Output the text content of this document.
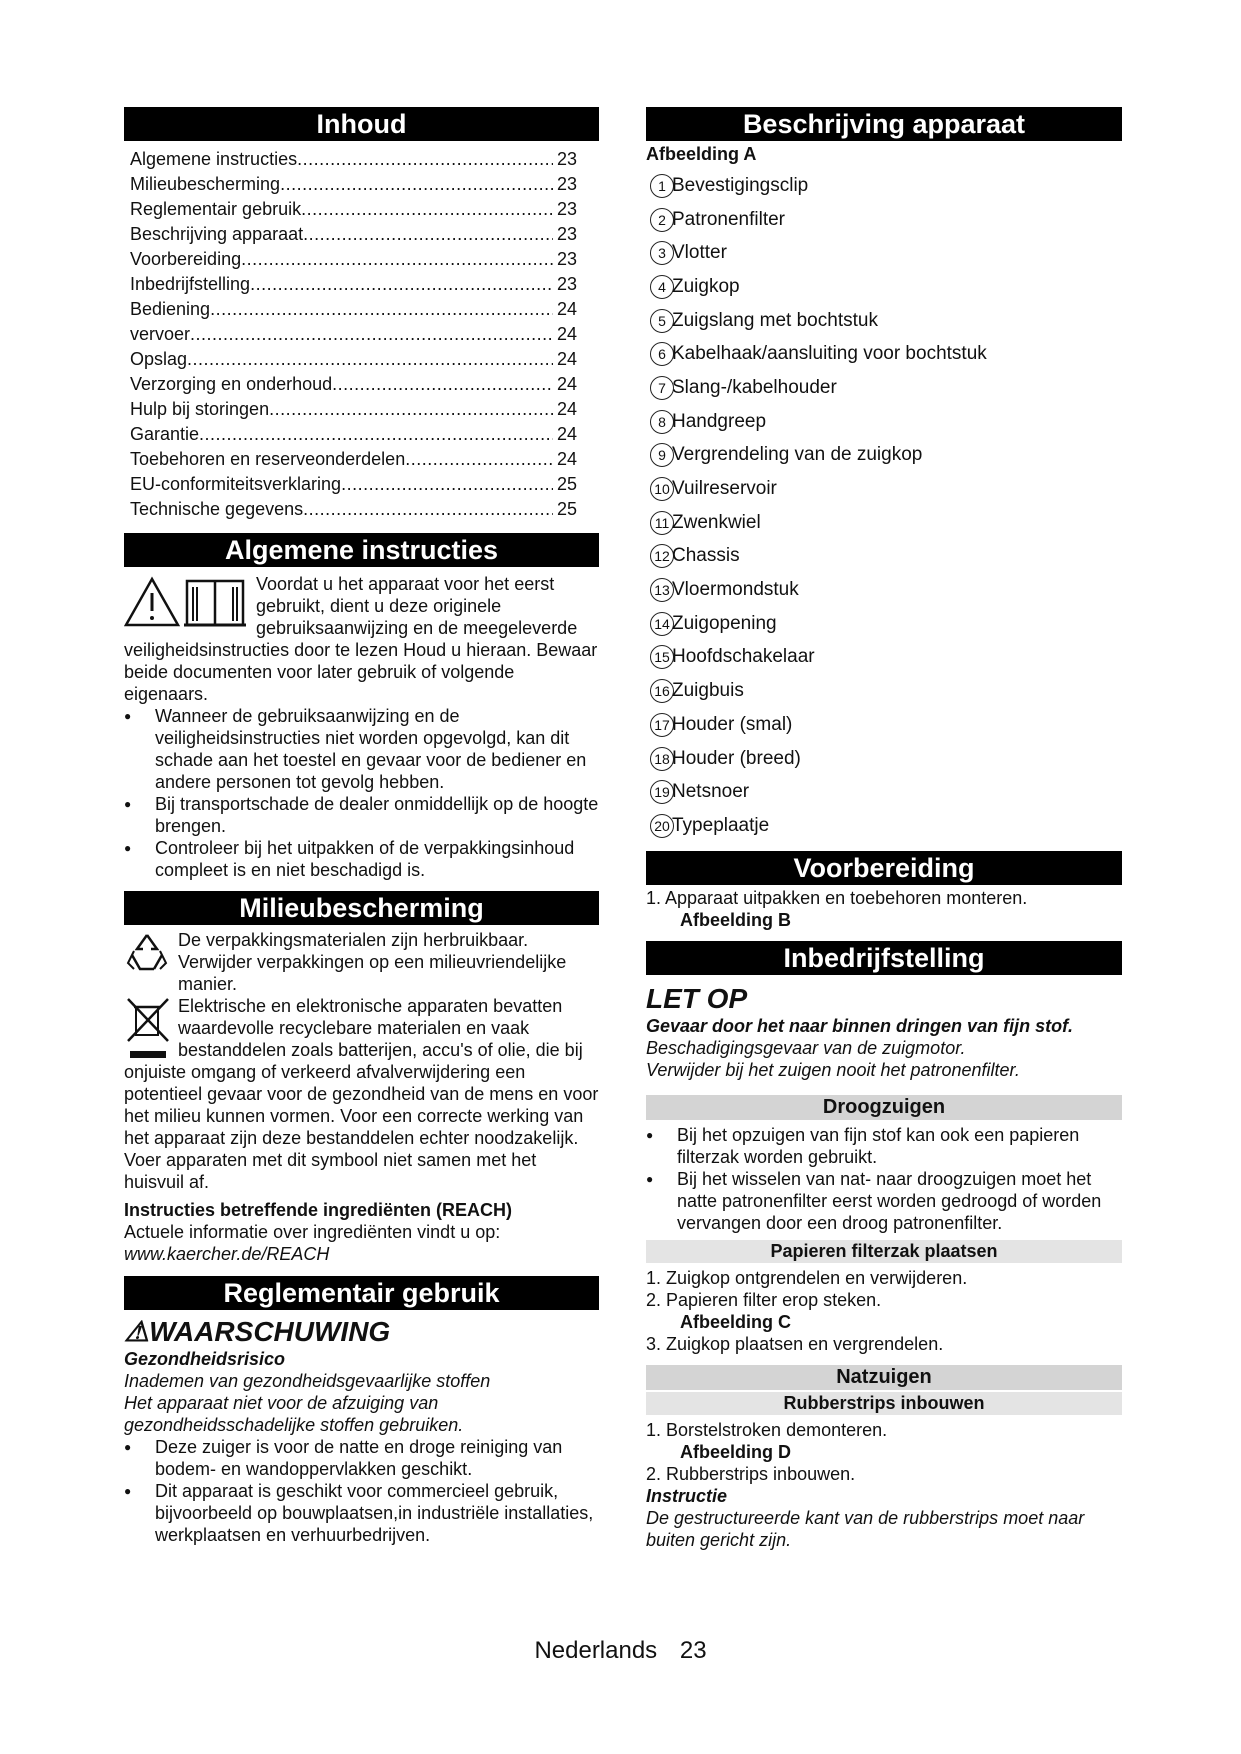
Inhoud
Algemene instructies .....	23
Milieubescherming .....	23
Reglementair gebruik .....	23
Beschrijving apparaat .....	23
Voorbereiding .....	23
Inbedrijfstelling .....	23
Bediening .....	24
vervoer .....	24
Opslag .....	24
Verzorging en onderhoud .....	24
Hulp bij storingen .....	24
Garantie .....	24
Toebehoren en reserveonderdelen .....	24
EU-conformiteitsverklaring .....	25
Technische gegevens .....	25
Algemene instructies

Voordat u het apparaat voor het eerst gebruikt, dient u deze originele gebruiksaanwijzing en de meegeleverde veiligheidsinstructies door te lezen Houd u hieraan. Bewaar beide documenten voor later gebruik of volgende eigenaars.

● Wanneer de gebruiksaanwijzing en de veiligheidsinstructies niet worden opgevolgd, kan dit schade aan het toestel en gevaar voor de bediener en andere personen tot gevolg hebben.
● Bij transportschade de dealer onmiddellijk op de hoogte brengen.
● Controleer bij het uitpakken of de verpakkingsinhoud compleet is en niet beschadigd is.
Milieubescherming

De verpakkingsmaterialen zijn herbruikbaar. Verwijder verpakkingen op een milieuvriendelijke manier.

Elektrische en elektronische apparaten bevatten waardevolle recyclebare materialen en vaak bestanddelen zoals batterijen, accu's of olie, die bij onjuiste omgang of verkeerd afvalverwijdering een potentieel gevaar voor de gezondheid van de mens en voor het milieu kunnen vormen. Voor een correcte werking van het apparaat zijn deze bestanddelen echter noodzakelijk. Voer apparaten met dit symbool niet samen met het huisvuil af.

Instructies betreffende ingrediënten (REACH)

Actuele informatie over ingrediënten vindt u op:

www.kaercher.de/REACH

Reglementair gebruik

⚠WAARSCHUWING

Gezondheidsrisico

Inademen van gezondheidsgevaarlijke stoffen

Het apparaat niet voor de afzuiging van gezondheidsschadelijke stoffen gebruiken.

● Deze zuiger is voor de natte en droge reiniging van bodem- en wandoppervlakken geschikt.
● Dit apparaat is geschikt voor commercieel gebruik, bijvoorbeeld op bouwplaatsen,in industriële installaties, werkplaatsen en verhuurbedrijven.
Beschrijving apparaat

Afbeelding A

1 Bevestigingsclip
2 Patronenfilter
3 Vlotter
4 Zuigkop
5 Zuigslang met bochtstuk
6 Kabelhaak/aansluiting voor bochtstuk
7 Slang-/kabelhouder
8 Handgreep
9 Vergrendeling van de zuigkop
10 Vuilreservoir
11 Zwenkwiel
12 Chassis
13 Vloermondstuk
14 Zuigopening
15 Hoofdschakelaar
16 Zuigbuis
17 Houder (smal)
18 Houder (breed)
19 Netsnoer
20 Typeplaatje
Voorbereiding

1. Apparaat uitpakken en toebehoren monteren.

Afbeelding B

Inbedrijfstelling

LET OP

Gevaar door het naar binnen dringen van fijn stof.

Beschadigingsgevaar van de zuigmotor.

Verwijder bij het zuigen nooit het patronenfilter.

Droogzuigen
● Bij het opzuigen van fijn stof kan ook een papieren filterzak worden gebruikt.
● Bij het wisselen van nat- naar droogzuigen moet het natte patronenfilter eerst worden gedroogd of worden vervangen door een droog patronenfilter.
Papieren filterzak plaatsen

1. Zuigkop ontgrendelen en verwijderen.

2. Papieren filter erop steken.

Afbeelding C

3. Zuigkop plaatsen en vergrendelen.

Natzuigen
Rubberstrips inbouwen

1. Borstelstroken demonteren.

Afbeelding D

2. Rubberstrips inbouwen.

Instructie

De gestructureerde kant van de rubberstrips moet naar buiten gericht zijn.

Nederlands 23
